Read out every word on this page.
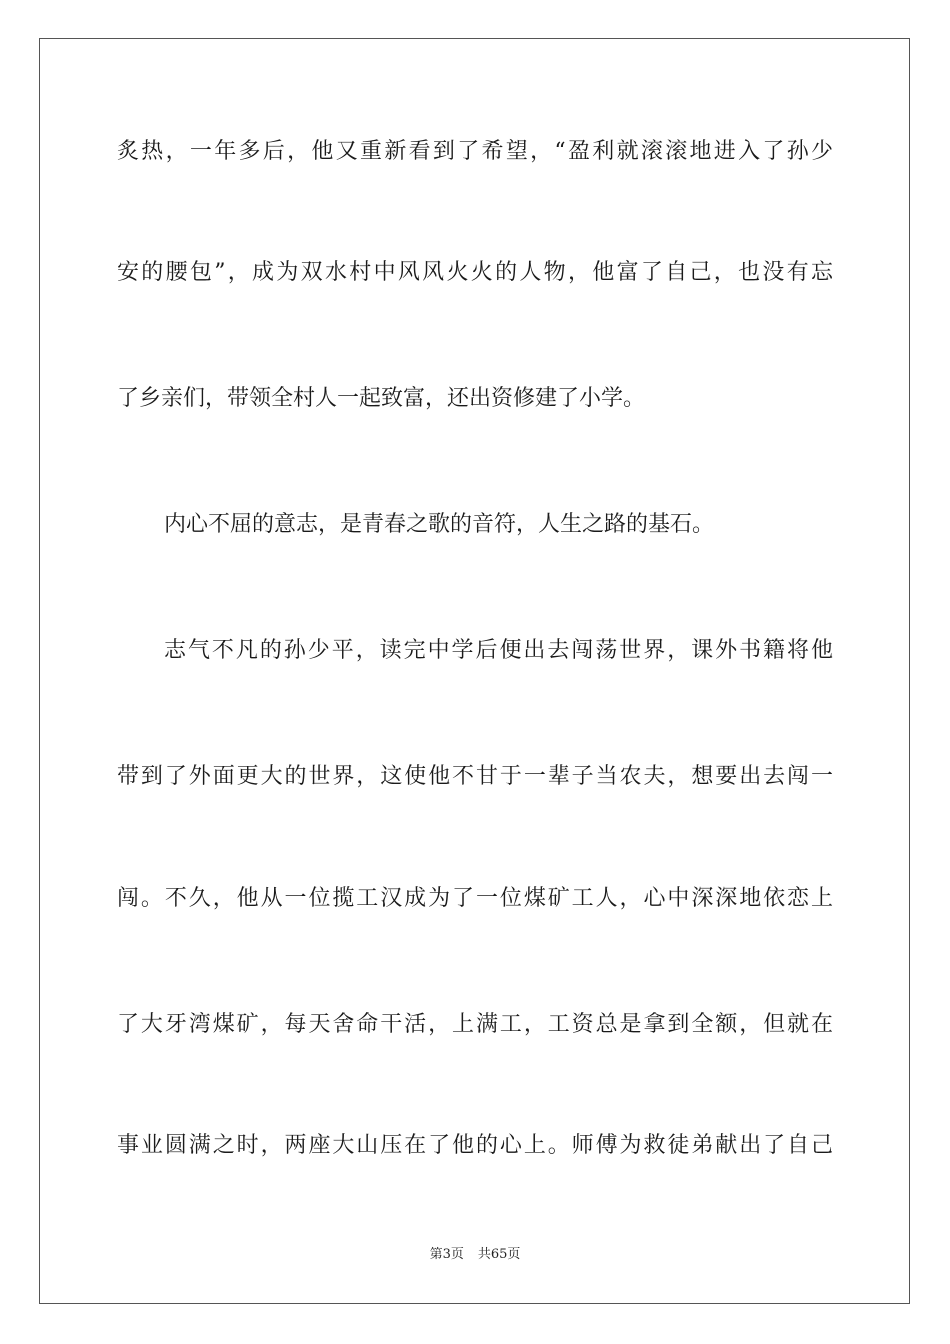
炙热，一年多后，他又重新看到了希望，“盈利就滚滚地进入了孙少
安的腰包”，成为双水村中风风火火的人物，他富了自己，也没有忘
了乡亲们，带领全村人一起致富，还出资修建了小学。
内心不屈的意志，是青春之歌的音符，人生之路的基石。
志气不凡的孙少平，读完中学后便出去闯荡世界，课外书籍将他
带到了外面更大的世界，这使他不甘于一辈子当农夫，想要出去闯一
闯。不久，他从一位揽工汉成为了一位煤矿工人，心中深深地依恋上
了大牙湾煤矿，每天舍命干活，上满工，工资总是拿到全额，但就在
事业圆满之时，两座大山压在了他的心上。师傅为救徒弟献出了自己
第3页 共65页
